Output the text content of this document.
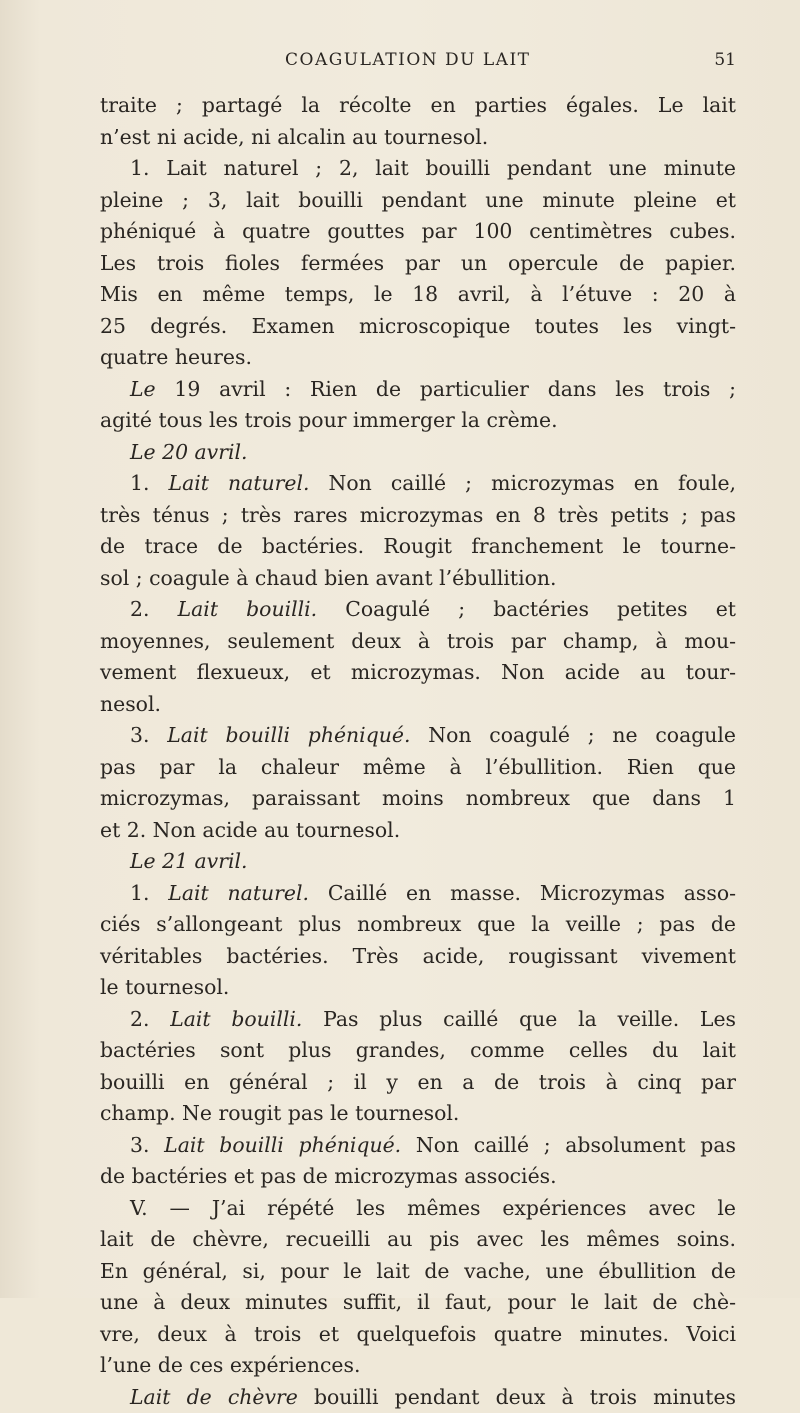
COAGULATION DU LAIT	51
traite ; partagé la récolte en parties égales. Le lait
n’est ni acide, ni alcalin au tournesol.
1. Lait naturel ; 2, lait bouilli pendant une minute
pleine ; 3, lait bouilli pendant une minute pleine et
phéniqué à quatre gouttes par 100 centimètres cubes.
Les trois fioles fermées par un opercule de papier.
Mis en même temps, le 18 avril, à l’étuve : 20 à
25 degrés. Examen microscopique toutes les vingt-
quatre heures.
Le 19 avril : Rien de particulier dans les trois ;
agité tous les trois pour immerger la crème.
Le 20 avril.
1. Lait naturel. Non caillé ; microzymas en foule,
très ténus ; très rares microzymas en 8 très petits ; pas
de trace de bactéries. Rougit franchement le tourne-
sol ; coagule à chaud bien avant l’ébullition.
2. Lait bouilli. Coagulé ; bactéries petites et
moyennes, seulement deux à trois par champ, à mou-
vement flexueux, et microzymas. Non acide au tour-
nesol.
3. Lait bouilli phéniqué. Non coagulé ; ne coagule
pas par la chaleur même à l’ébullition. Rien que
microzymas, paraissant moins nombreux que dans 1
et 2. Non acide au tournesol.
Le 21 avril.
1. Lait naturel. Caillé en masse. Microzymas asso-
ciés s’allongeant plus nombreux que la veille ; pas de
véritables bactéries. Très acide, rougissant vivement
le tournesol.
2. Lait bouilli. Pas plus caillé que la veille. Les
bactéries sont plus grandes, comme celles du lait
bouilli en général ; il y en a de trois à cinq par
champ. Ne rougit pas le tournesol.
3. Lait bouilli phéniqué. Non caillé ; absolument pas
de bactéries et pas de microzymas associés.
V. — J’ai répété les mêmes expériences avec le
lait de chèvre, recueilli au pis avec les mêmes soins.
En général, si, pour le lait de vache, une ébullition de
une à deux minutes suffit, il faut, pour le lait de chè-
vre, deux à trois et quelquefois quatre minutes. Voici
l’une de ces expériences.
Lait de chèvre bouilli pendant deux à trois minutes
